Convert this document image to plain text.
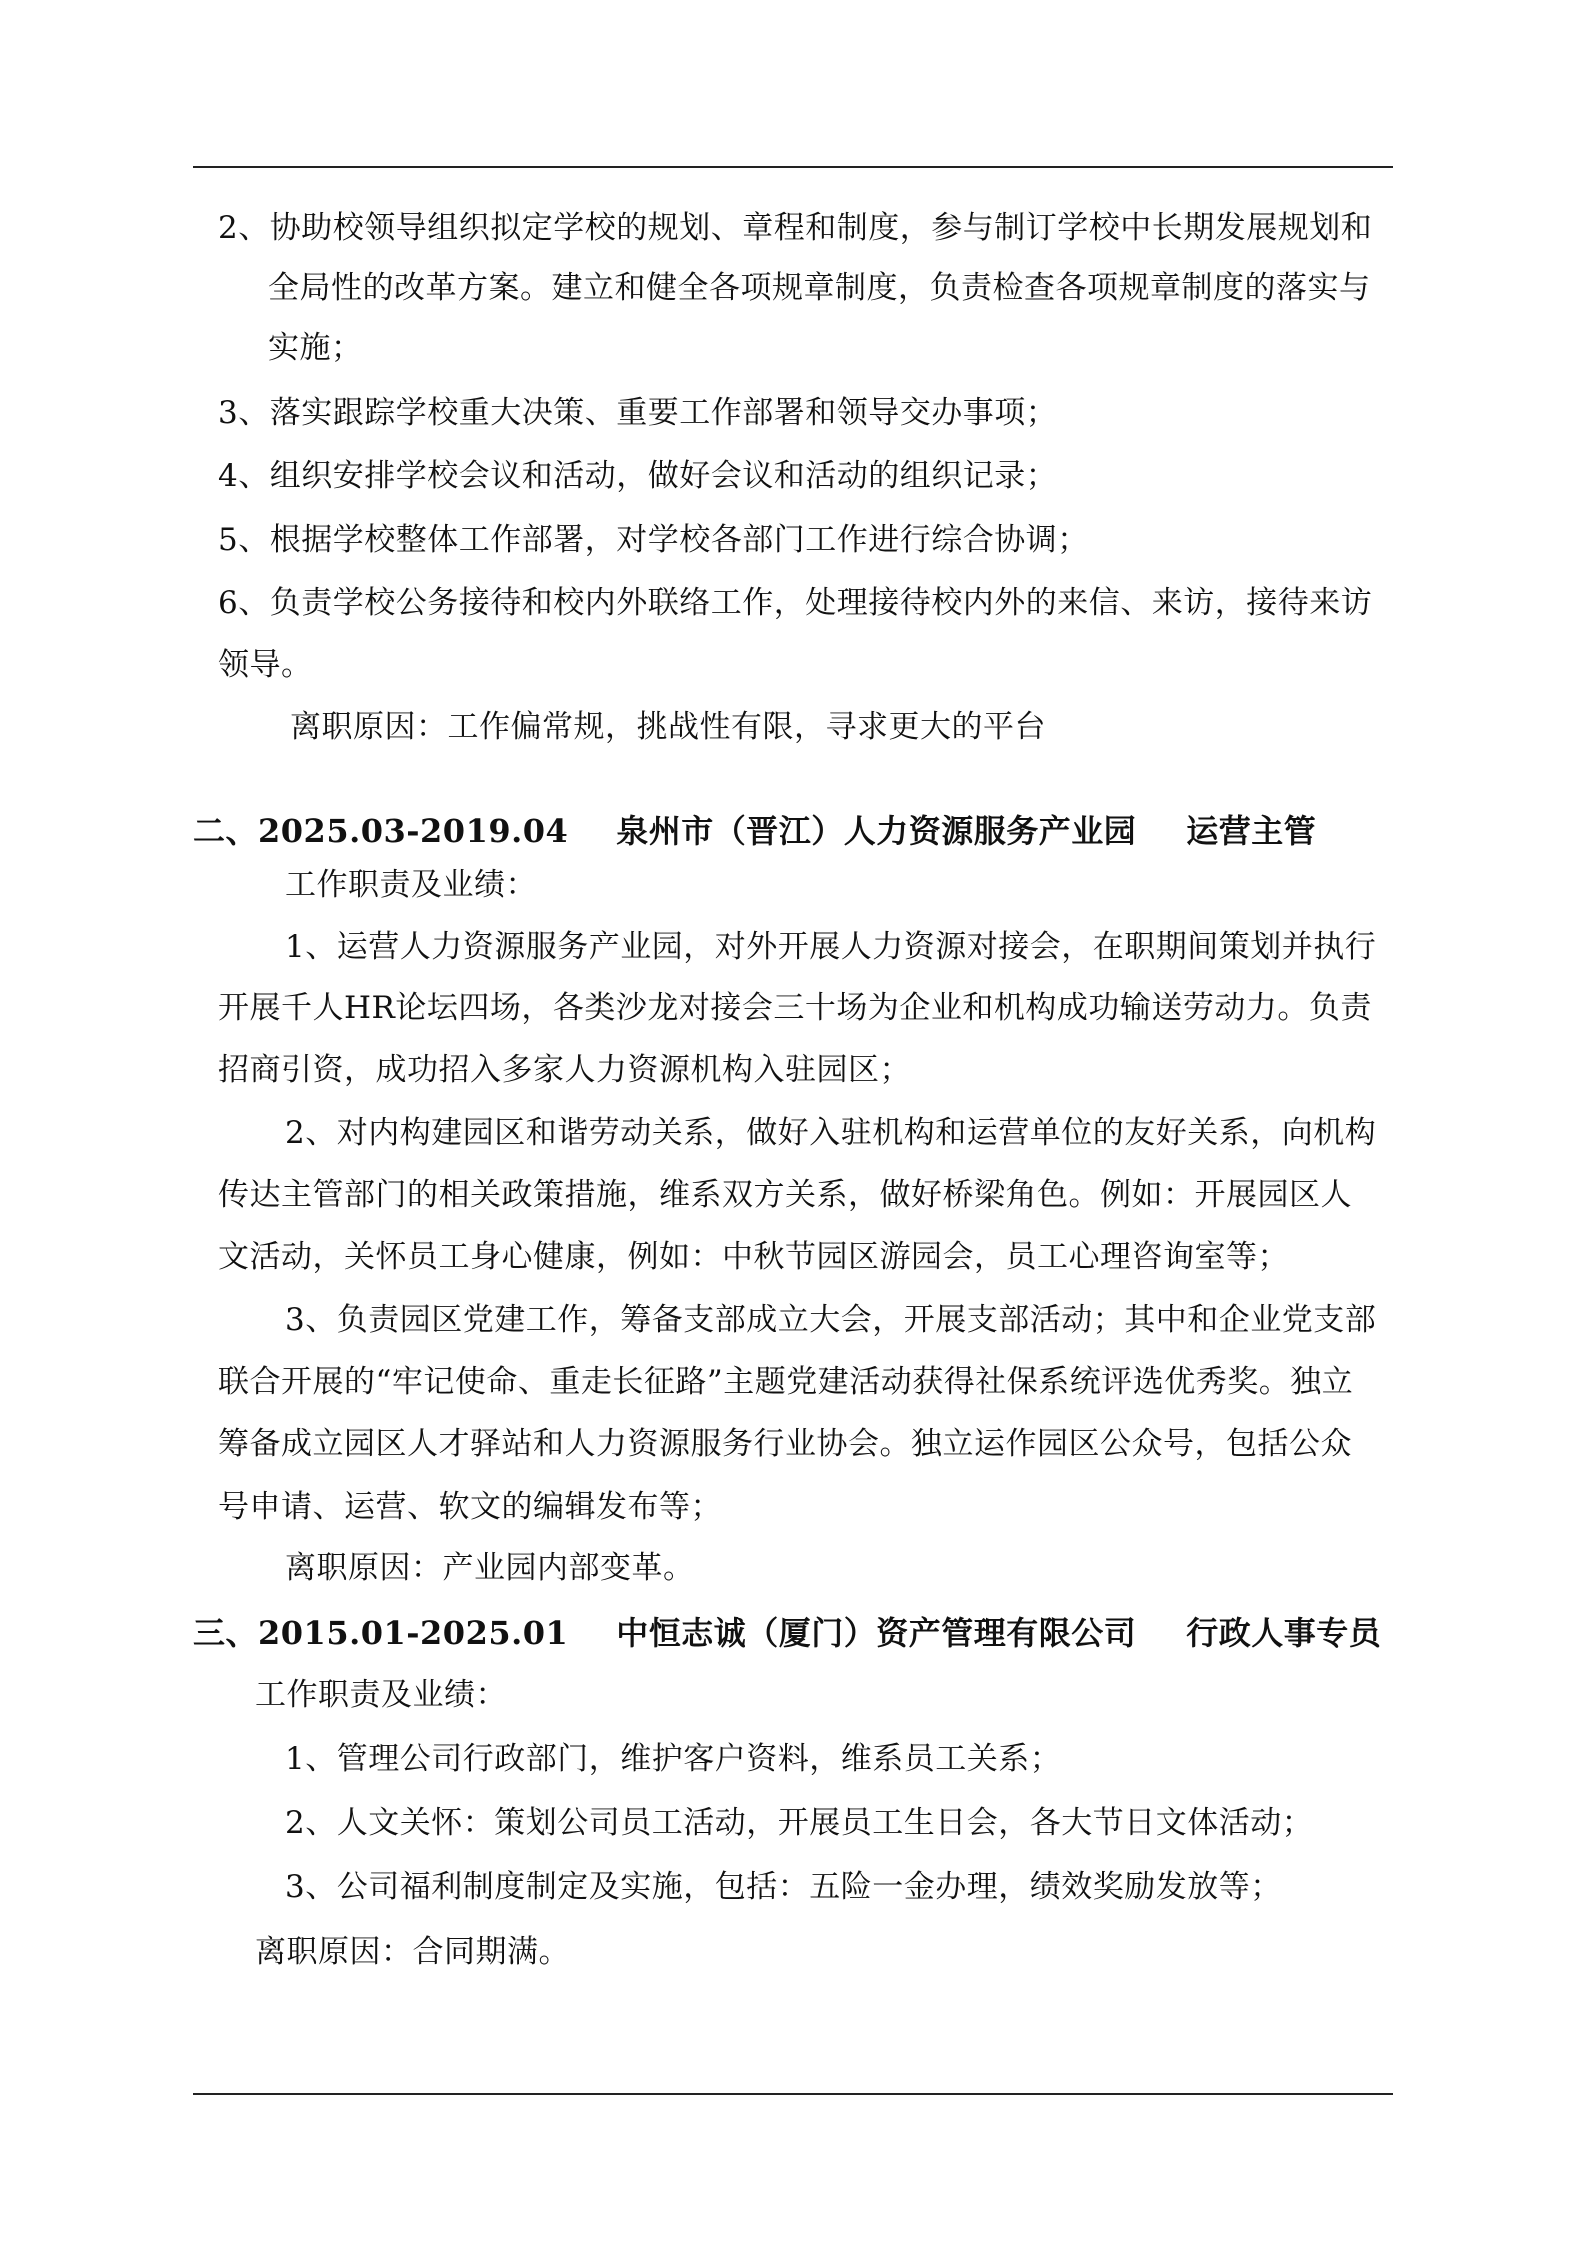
2、协助校领导组织拟定学校的规划、章程和制度，参与制订学校中长期发展规划和
全局性的改革方案。建立和健全各项规章制度，负责检查各项规章制度的落实与
实施；
3、落实跟踪学校重大决策、重要工作部署和领导交办事项；
4、组织安排学校会议和活动，做好会议和活动的组织记录；
5、根据学校整体工作部署，对学校各部门工作进行综合协调；
6、负责学校公务接待和校内外联络工作，处理接待校内外的来信、来访，接待来访
领导。
离职原因：工作偏常规，挑战性有限，寻求更大的平台
二、2025.03-2019.04 泉州市（晋江）人力资源服务产业园 运营主管
工作职责及业绩：
1、运营人力资源服务产业园，对外开展人力资源对接会，在职期间策划并执行
开展千人HR论坛四场，各类沙龙对接会三十场为企业和机构成功输送劳动力。负责
招商引资，成功招入多家人力资源机构入驻园区；
2、对内构建园区和谐劳动关系，做好入驻机构和运营单位的友好关系，向机构
传达主管部门的相关政策措施，维系双方关系，做好桥梁角色。例如：开展园区人
文活动，关怀员工身心健康，例如：中秋节园区游园会，员工心理咨询室等；
3、负责园区党建工作，筹备支部成立大会，开展支部活动；其中和企业党支部
联合开展的“牢记使命、重走长征路”主题党建活动获得社保系统评选优秀奖。独立
筹备成立园区人才驿站和人力资源服务行业协会。独立运作园区公众号，包括公众
号申请、运营、软文的编辑发布等；
离职原因：产业园内部变革。
三、2015.01-2025.01 中恒志诚（厦门）资产管理有限公司 行政人事专员
工作职责及业绩：
1、管理公司行政部门，维护客户资料，维系员工关系；
2、人文关怀：策划公司员工活动，开展员工生日会，各大节日文体活动；
3、公司福利制度制定及实施，包括：五险一金办理，绩效奖励发放等；
离职原因：合同期满。
